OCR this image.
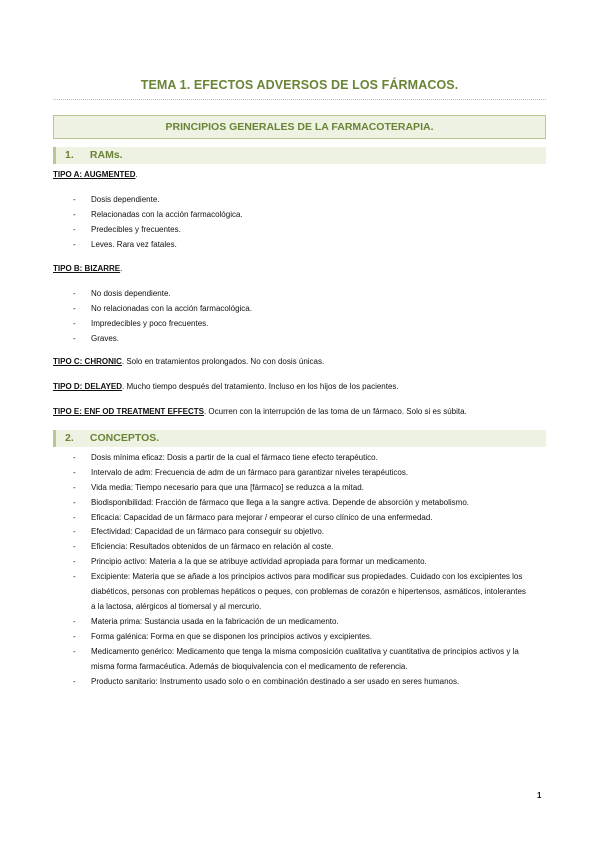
TEMA 1. EFECTOS ADVERSOS DE LOS FÁRMACOS.
PRINCIPIOS GENERALES DE LA FARMACOTERAPIA.
1. RAMs.
TIPO A: AUGMENTED.
- Dosis dependiente.
- Relacionadas con la acción farmacológica.
- Predecibles y frecuentes.
- Leves. Rara vez fatales.
TIPO B: BIZARRE.
- No dosis dependiente.
- No relacionadas con la acción farmacológica.
- Impredecibles y poco frecuentes.
- Graves.
TIPO C: CHRONIC. Solo en tratamientos prolongados. No con dosis únicas.
TIPO D: DELAYED. Mucho tiempo después del tratamiento. Incluso en los hijos de los pacientes.
TIPO E: ENF OD TREATMENT EFFECTS. Ocurren con la interrupción de las toma de un fármaco. Solo si es súbita.
2. CONCEPTOS.
- Dosis mínima eficaz: Dosis a partir de la cual el fármaco tiene efecto terapéutico.
- Intervalo de adm: Frecuencia de adm de un fármaco para garantizar niveles terapéuticos.
- Vida media: Tiempo necesario para que una [fármaco] se reduzca a la mitad.
- Biodisponibilidad: Fracción de fármaco que llega a la sangre activa. Depende de absorción y metabolismo.
- Eficacia: Capacidad de un fármaco para mejorar / empeorar el curso clínico de una enfermedad.
- Efectividad: Capacidad de un fármaco para conseguir su objetivo.
- Eficiencia: Resultados obtenidos de un fármaco en relación al coste.
- Principio activo: Materia a la que se atribuye actividad apropiada para formar un medicamento.
- Excipiente: Materia que se añade a los principios activos para modificar sus propiedades. Cuidado con los excipientes los diabéticos, personas con problemas hepáticos o peques, con problemas de corazón e hipertensos, asmáticos, intolerantes a la lactosa, alérgicos al tiomersal y al mercurio.
- Materia prima: Sustancia usada en la fabricación de un medicamento.
- Forma galénica: Forma en que se disponen los principios activos y excipientes.
- Medicamento genérico: Medicamento que tenga la misma composición cualitativa y cuantitativa de principios activos y la misma forma farmacéutica. Además de bioquivalencia con el medicamento de referencia.
- Producto sanitario: Instrumento usado solo o en combinación destinado a ser usado en seres humanos.
1
